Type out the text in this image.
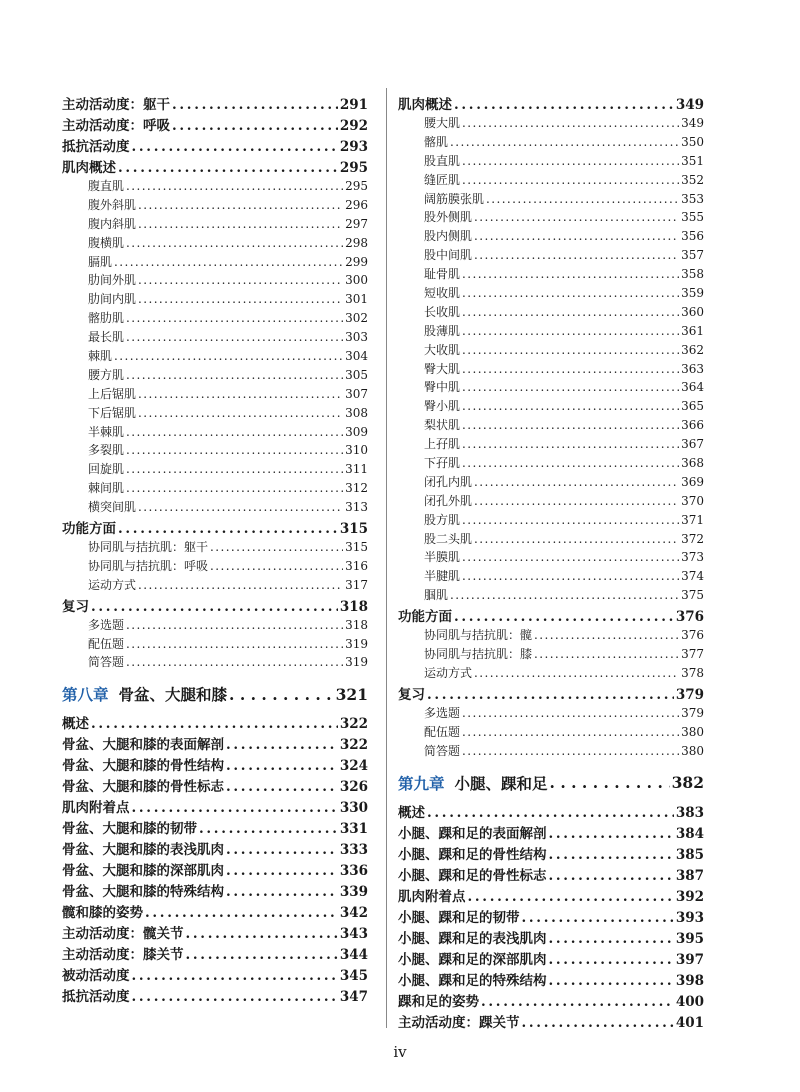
主动活动度：躯干 . . .	291
主动活动度：呼吸 . . .	292
抵抗活动度 . . .	293
肌肉概述 . . .	295
腹直肌 . . .	295
腹外斜肌 . . .	296
腹内斜肌 . . .	297
腹横肌 . . .	298
膈肌 . . .	299
肋间外肌 . . .	300
肋间内肌 . . .	301
髂肋肌 . . .	302
最长肌 . . .	303
棘肌 . . .	304
腰方肌 . . .	305
上后锯肌 . . .	307
下后锯肌 . . .	308
半棘肌 . . .	309
多裂肌 . . .	310
回旋肌 . . .	311
棘间肌 . . .	312
横突间肌 . . .	313
功能方面 . . .	315
协同肌与拮抗肌：躯干 . . .	315
协同肌与拮抗肌：呼吸 . . .	316
运动方式 . . .	317
复习 . . .	318
多选题 . . .	318
配伍题 . . .	319
简答题 . . .	319
第八章 骨盆、大腿和膝 . . .	321
概述 . . .	322
骨盆、大腿和膝的表面解剖 . . .	322
骨盆、大腿和膝的骨性结构 . . .	324
骨盆、大腿和膝的骨性标志 . . .	326
肌肉附着点 . . .	330
骨盆、大腿和膝的韧带 . . .	331
骨盆、大腿和膝的表浅肌肉 . . .	333
骨盆、大腿和膝的深部肌肉 . . .	336
骨盆、大腿和膝的特殊结构 . . .	339
髋和膝的姿势 . . .	342
主动活动度：髋关节 . . .	343
主动活动度：膝关节 . . .	344
被动活动度 . . .	345
抵抗活动度 . . .	347
肌肉概述 . . .	349
腰大肌 . . .	349
髂肌 . . .	350
股直肌 . . .	351
缝匠肌 . . .	352
阔筋膜张肌 . . .	353
股外侧肌 . . .	355
股内侧肌 . . .	356
股中间肌 . . .	357
耻骨肌 . . .	358
短收肌 . . .	359
长收肌 . . .	360
股薄肌 . . .	361
大收肌 . . .	362
臀大肌 . . .	363
臀中肌 . . .	364
臀小肌 . . .	365
梨状肌 . . .	366
上孖肌 . . .	367
下孖肌 . . .	368
闭孔内肌 . . .	369
闭孔外肌 . . .	370
股方肌 . . .	371
股二头肌 . . .	372
半膜肌 . . .	373
半腱肌 . . .	374
腘肌 . . .	375
功能方面 . . .	376
协同肌与拮抗肌：髋 . . .	376
协同肌与拮抗肌：膝 . . .	377
运动方式 . . .	378
复习 . . .	379
多选题 . . .	379
配伍题 . . .	380
简答题 . . .	380
第九章 小腿、踝和足 . . .	382
概述 . . .	383
小腿、踝和足的表面解剖 . . .	384
小腿、踝和足的骨性结构 . . .	385
小腿、踝和足的骨性标志 . . .	387
肌肉附着点 . . .	392
小腿、踝和足的韧带 . . .	393
小腿、踝和足的表浅肌肉 . . .	395
小腿、踝和足的深部肌肉 . . .	397
小腿、踝和足的特殊结构 . . .	398
踝和足的姿势 . . .	400
主动活动度：踝关节 . . .	401
iv
